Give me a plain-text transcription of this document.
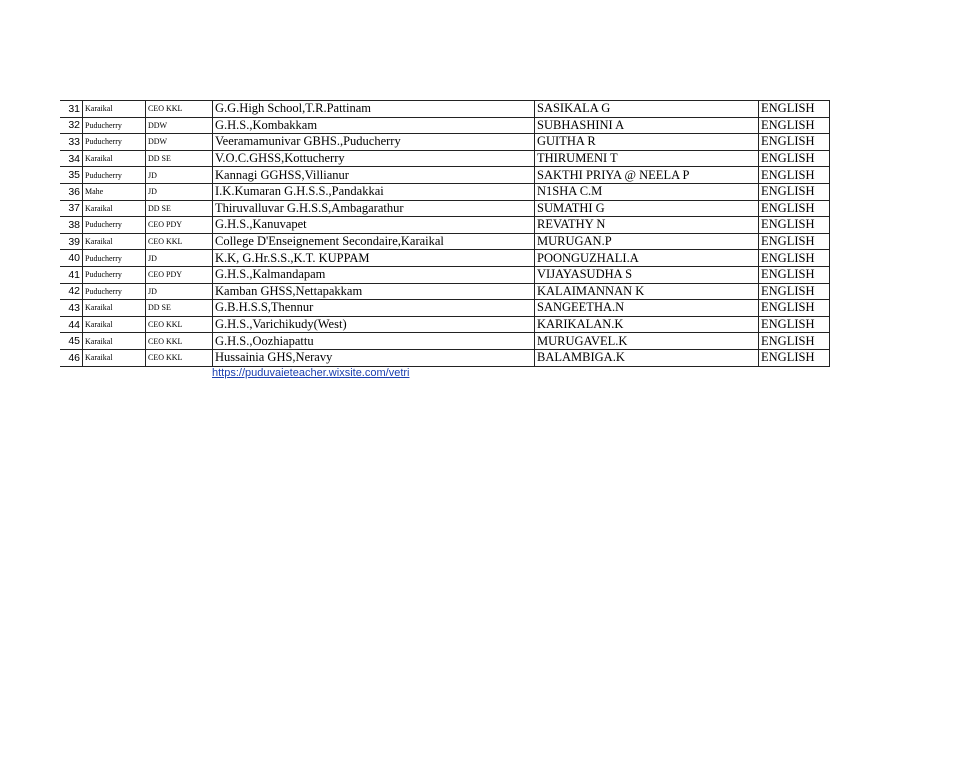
31	Karaikal	CEO KKL	G.G.High School,T.R.Pattinam	SASIKALA G	ENGLISH
32	Puducherry	DDW	G.H.S.,Kombakkam	SUBHASHINI A	ENGLISH
33	Puducherry	DDW	Veeramamunivar GBHS.,Puducherry	GUITHA R	ENGLISH
34	Karaikal	DD SE	V.O.C.GHSS,Kottucherry	THIRUMENI T	ENGLISH
35	Puducherry	JD	Kannagi GGHSS,Villianur	SAKTHI PRIYA @ NEELA P	ENGLISH
36	Mahe	JD	I.K.Kumaran G.H.S.S.,Pandakkai	N1SHA C.M	ENGLISH
37	Karaikal	DD SE	Thiruvalluvar G.H.S.S,Ambagarathur	SUMATHI G	ENGLISH
38	Puducherry	CEO PDY	G.H.S.,Kanuvapet	REVATHY N	ENGLISH
39	Karaikal	CEO KKL	College D'Enseignement Secondaire,Karaikal	MURUGAN.P	ENGLISH
40	Puducherry	JD	K.K, G.Hr.S.S.,K.T. KUPPAM	POONGUZHALI.A	ENGLISH
41	Puducherry	CEO PDY	G.H.S.,Kalmandapam	VIJAYASUDHA S	ENGLISH
42	Puducherry	JD	Kamban GHSS,Nettapakkam	KALAIMANNAN K	ENGLISH
43	Karaikal	DD SE	G.B.H.S.S,Thennur	SANGEETHA.N	ENGLISH
44	Karaikal	CEO KKL	G.H.S.,Varichikudy(West)	KARIKALAN.K	ENGLISH
45	Karaikal	CEO KKL	G.H.S.,Oozhiapattu	MURUGAVEL.K	ENGLISH
46	Karaikal	CEO KKL	Hussainia GHS,Neravy	BALAMBIGA.K	ENGLISH
https://puduvaieteacher.wixsite.com/vetri
